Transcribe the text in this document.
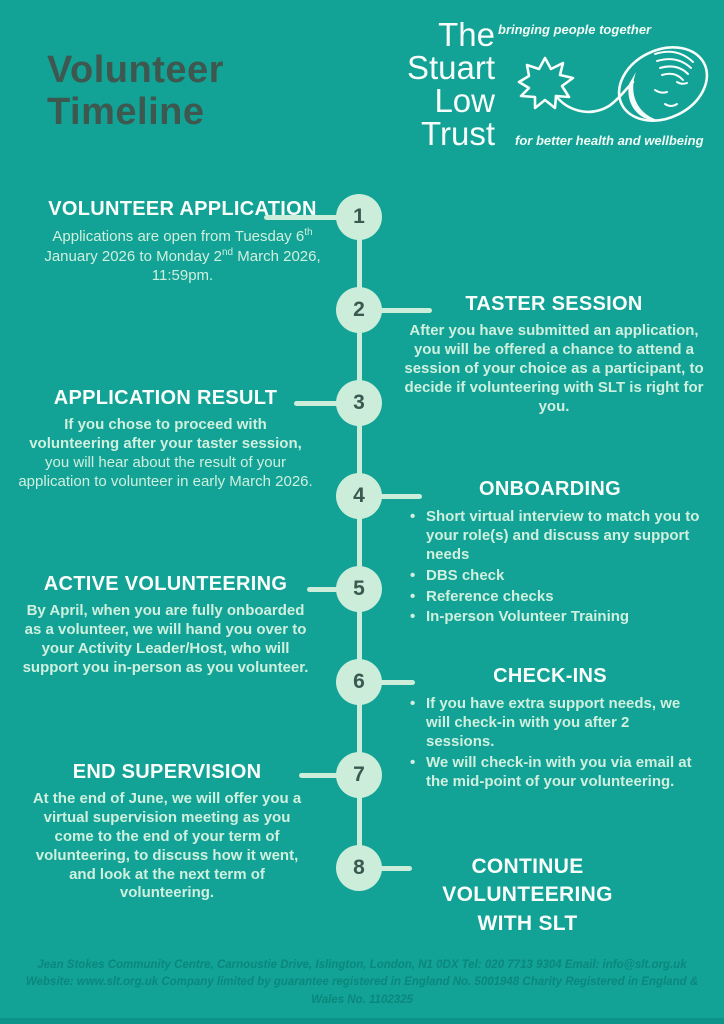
Volunteer Timeline
bringing people together
The Stuart Low Trust for better health and wellbeing
1
2
3
4
5
6
7
8
VOLUNTEER APPLICATION

Applications are open from Tuesday 6th January 2026 to Monday 2nd March 2026, 11:59pm.

TASTER SESSION

After you have submitted an application, you will be offered a chance to attend a session of your choice as a participant, to decide if volunteering with SLT is right for you.

APPLICATION RESULT

If you chose to proceed with volunteering after your taster session, you will hear about the result of your application to volunteer in early March 2026.	ONBOARDING
• Short virtual interview to match you to your role(s) and discuss any support needs
• DBS check
• Reference checks
• In-person Volunteer Training
ACTIVE VOLUNTEERING

By April, when you are fully onboarded as a volunteer, we will hand you over to your Activity Leader/Host, who will support you in-person as you volunteer.	CHECK-INS
• If you have extra support needs, we will check-in with you after 2 sessions.
• We will check-in with you via email at the mid-point of your volunteering.
END SUPERVISION

At the end of June, we will offer you a virtual supervision meeting as you come to the end of your term of volunteering, to discuss how it went, and look at the next term of volunteering.

CONTINUE VOLUNTEERING WITH SLT
Jean Stokes Community Centre, Carnoustie Drive, Islington, London, N1 0DX Tel: 020 7713 9304 Email: info@slt.org.uk Website: www.slt.org.uk Company limited by guarantee registered in England No. 5001948 Charity Registered in England & Wales No. 1102325
